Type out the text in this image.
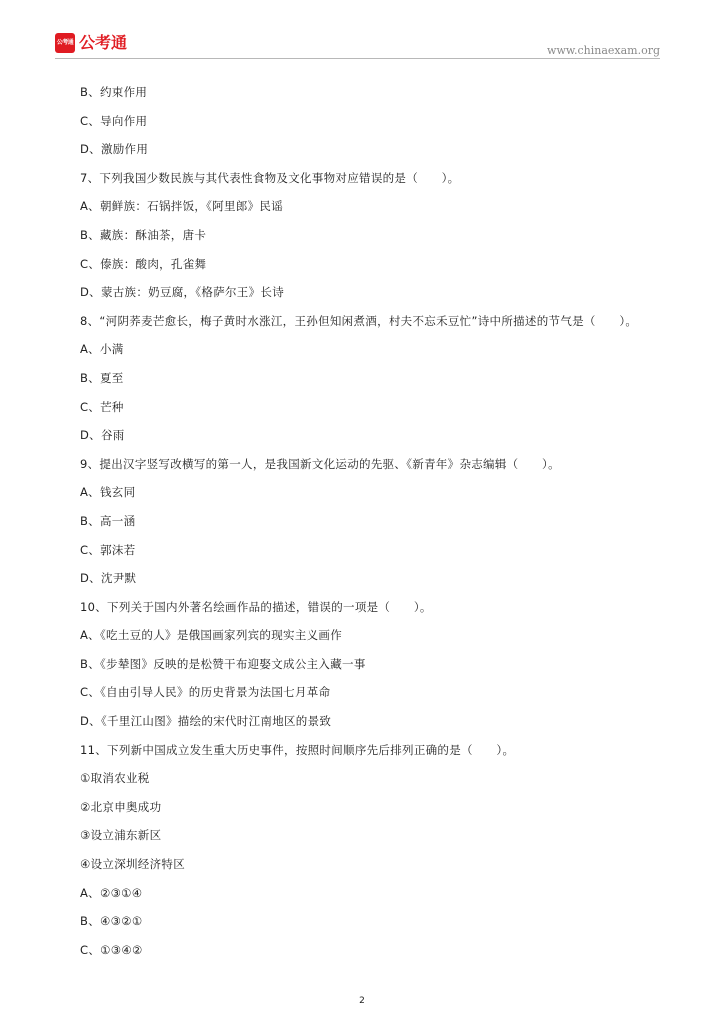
公考通 公考通	www.chinaexam.org
B、约束作用
C、导向作用
D、激励作用
7、下列我国少数民族与其代表性食物及文化事物对应错误的是（　　）。
A、朝鲜族：石锅拌饭，《阿里郎》民谣
B、藏族：酥油茶，唐卡
C、傣族：酸肉，孔雀舞
D、蒙古族：奶豆腐，《格萨尔王》长诗
8、“河阴荞麦芒愈长，梅子黄时水涨江，王孙但知闲煮酒，村夫不忘禾豆忙”诗中所描述的节气是（　　）。
A、小满
B、夏至
C、芒种
D、谷雨
9、提出汉字竖写改横写的第一人，是我国新文化运动的先驱、《新青年》杂志编辑（　　）。
A、钱玄同
B、高一涵
C、郭沫若
D、沈尹默
10、下列关于国内外著名绘画作品的描述，错误的一项是（　　）。
A、《吃土豆的人》是俄国画家列宾的现实主义画作
B、《步辇图》反映的是松赞干布迎娶文成公主入藏一事
C、《自由引导人民》的历史背景为法国七月革命
D、《千里江山图》描绘的宋代时江南地区的景致
11、下列新中国成立发生重大历史事件，按照时间顺序先后排列正确的是（　　）。
①取消农业税
②北京申奥成功
③设立浦东新区
④设立深圳经济特区
A、②③①④
B、④③②①
C、①③④②
2
